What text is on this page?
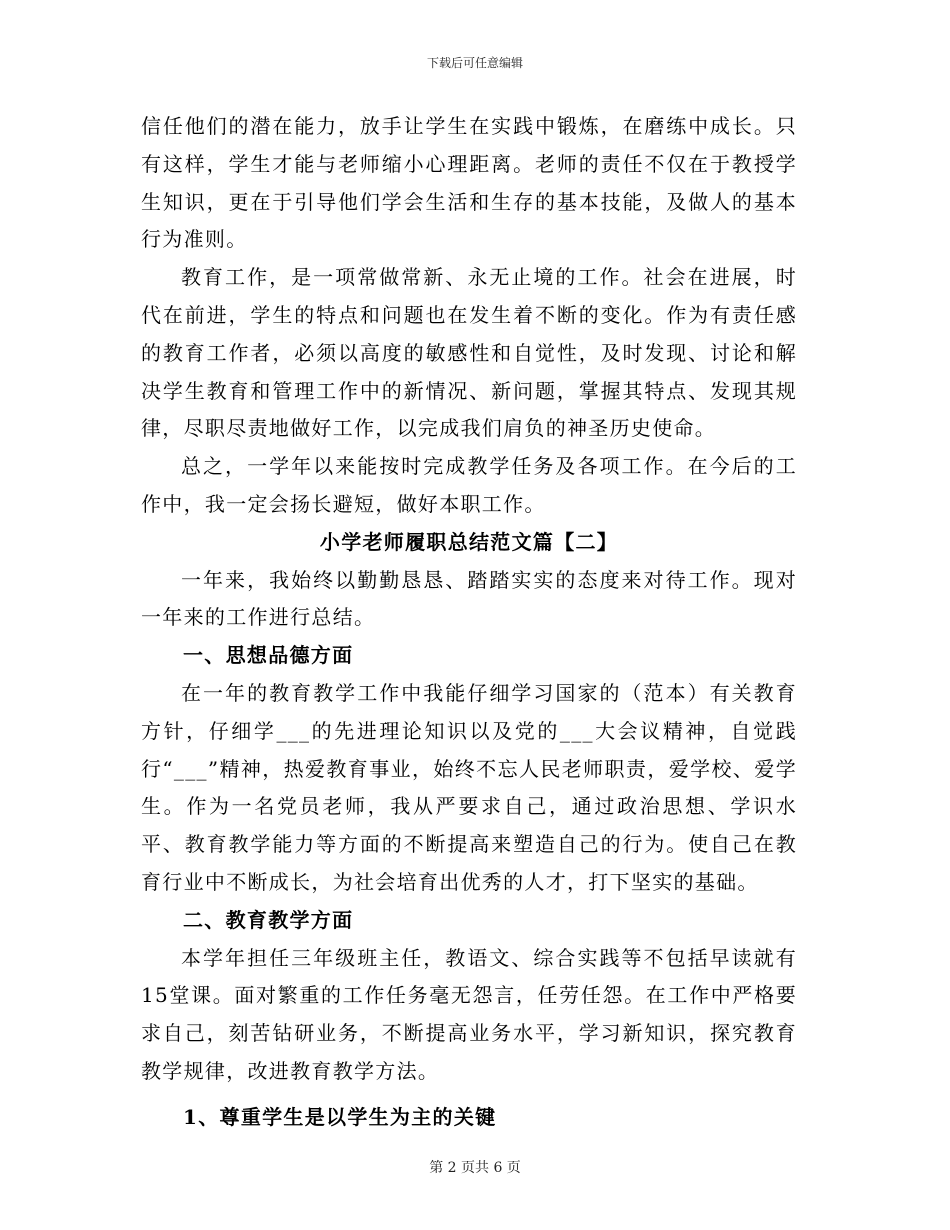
下载后可任意编辑

信任他们的潜在能力，放手让学生在实践中锻炼，在磨练中成长。只有这样，学生才能与老师缩小心理距离。老师的责任不仅在于教授学生知识，更在于引导他们学会生活和生存的基本技能，及做人的基本行为准则。

教育工作，是一项常做常新、永无止境的工作。社会在进展，时代在前进，学生的特点和问题也在发生着不断的变化。作为有责任感的教育工作者，必须以高度的敏感性和自觉性，及时发现、讨论和解决学生教育和管理工作中的新情况、新问题，掌握其特点、发现其规律，尽职尽责地做好工作，以完成我们肩负的神圣历史使命。

总之，一学年以来能按时完成教学任务及各项工作。在今后的工作中，我一定会扬长避短，做好本职工作。

小学老师履职总结范文篇【二】

一年来，我始终以勤勤恳恳、踏踏实实的态度来对待工作。现对一年来的工作进行总结。

一、思想品德方面

在一年的教育教学工作中我能仔细学习国家的（范本）有关教育方针，仔细学___的先进理论知识以及党的___大会议精神，自觉践行“___”精神，热爱教育事业，始终不忘人民老师职责，爱学校、爱学生。作为一名党员老师，我从严要求自己，通过政治思想、学识水平、教育教学能力等方面的不断提高来塑造自己的行为。使自己在教育行业中不断成长，为社会培育出优秀的人才，打下坚实的基础。

二、教育教学方面

本学年担任三年级班主任，教语文、综合实践等不包括早读就有15堂课。面对繁重的工作任务毫无怨言，任劳任怨。在工作中严格要求自己，刻苦钻研业务，不断提高业务水平，学习新知识，探究教育教学规律，改进教育教学方法。

1、尊重学生是以学生为主的关键

第 2 页共 6 页
